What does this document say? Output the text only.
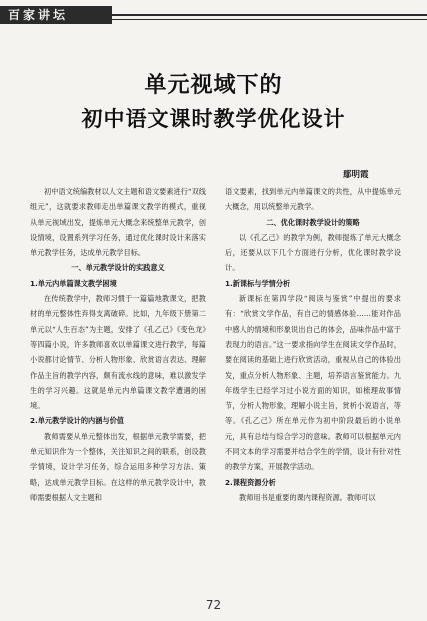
百家讲坛
单元视域下的
初中语文课时教学优化设计
鄢明霞

初中语文统编教材以人文主题和语文要素进行“双线组元”，这就要求教师走出单篇课文教学的模式，重视从单元视域出发，提炼单元大概念来统整单元教学，创设情境，设置系列学习任务，通过优化课时设计来落实单元教学任务，达成单元教学目标。

一、单元教学设计的实践意义

1.单元内单篇课文教学困境

在传统教学中，教师习惯于一篇篇地教课文，把教材的单元整体性弃得支离破碎。比如，九年级下册第二单元以“人生百态”为主题，安排了《孔乙己》《变色龙》等四篇小说，许多教师喜欢以单篇课文进行教学，每篇小说都讨论情节、分析人物形象、欣赏语言表达、理解作品主旨的教学内容，颇有流水线的意味，难以激发学生的学习兴趣。这就是单元内单篇课文教学遭遇的困境。

2.单元教学设计的内涵与价值

教师需要从单元整体出发，根据单元教学需要，把单元知识作为一个整体，关注知识之间的联系，创设教学情境，设计学习任务，综合运用多种学习方法、策略，达成单元教学目标。在这样的单元教学设计中，教师需要根据人文主题和

语文要素，找到单元内单篇课文的共性，从中提炼单元大概念，用以统整单元教学。

二、优化课时教学设计的策略

以《孔乙己》的教学为例，教师提炼了单元大概念后，还要从以下几个方面进行分析，优化课时教学设计。

1.新课标与学情分析

新课标在第四学段“阅读与鉴赏”中提出的要求有：“欣赏文学作品，有自己的情感体验……能对作品中感人的情境和形象说出自己的体会，品味作品中富于表现力的语言。”这一要求指向学生在阅读文学作品时，要在阅读的基础上进行欣赏活动，重视从自己的体验出发，重点分析人物形象、主题，培养语言鉴赏能力。九年级学生已经学习过小说方面的知识，如梳理故事情节，分析人物形象，理解小说主旨，赏析小说语言，等等。《孔乙己》所在单元作为初中阶段最后的小说单元，具有总结与综合学习的意味。教师可以根据单元内不同文本的学习需要并结合学生的学情，设计有针对性的教学方案，开展教学活动。

2.课程资源分析

教师用书是重要的课内课程资源。教师可以

72
